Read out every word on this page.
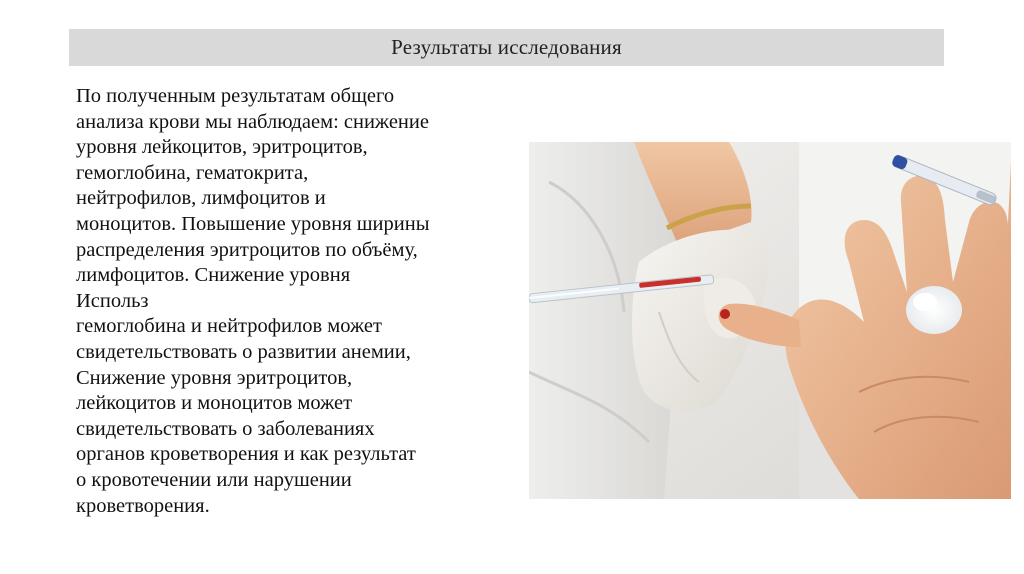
Результаты исследования

По полученным результатам общего
анализа крови мы наблюдаем: снижение
уровня лейкоцитов, эритроцитов,
гемоглобина, гематокрита,
нейтрофилов, лимфоцитов и
моноцитов. Повышение уровня ширины
распределения эритроцитов по объёму,
лимфоцитов. Снижение уровня
Использ
гемоглобина и нейтрофилов может
свидетельствовать о развитии анемии,
Снижение уровня эритроцитов,
лейкоцитов и моноцитов может
свидетельствовать о заболеваниях
органов кроветворения и как результат
о кровотечении или нарушении
кроветворения.
